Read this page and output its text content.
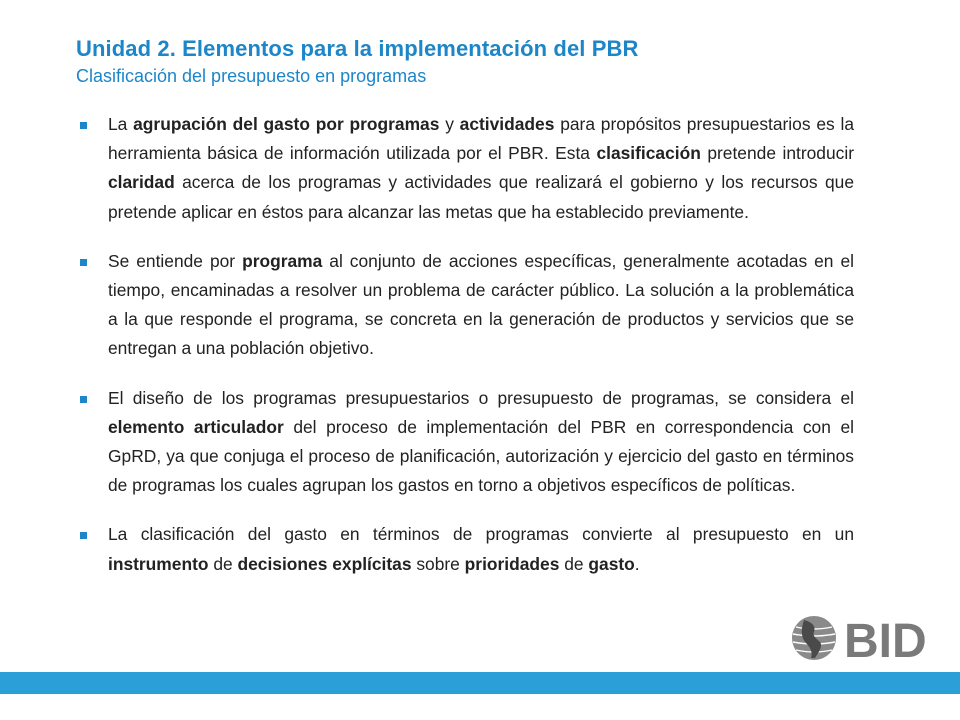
Unidad 2. Elementos para la implementación del PBR
Clasificación del presupuesto en programas
La agrupación del gasto por programas y actividades para propósitos presupuestarios es la herramienta básica de información utilizada por el PBR. Esta clasificación pretende introducir claridad acerca de los programas y actividades que realizará el gobierno y los recursos que pretende aplicar en éstos para alcanzar las metas que ha establecido previamente.
Se entiende por programa al conjunto de acciones específicas, generalmente acotadas en el tiempo, encaminadas a resolver un problema de carácter público. La solución a la problemática a la que responde el programa, se concreta en la generación de productos y servicios que se entregan a una población objetivo.
El diseño de los programas presupuestarios o presupuesto de programas, se considera el elemento articulador del proceso de implementación del PBR en correspondencia con el GpRD, ya que conjuga el proceso de planificación, autorización y ejercicio del gasto en términos de programas los cuales agrupan los gastos en torno a objetivos específicos de políticas.
La clasificación del gasto en términos de programas convierte al presupuesto en un instrumento de decisiones explícitas sobre prioridades de gasto.
BID
